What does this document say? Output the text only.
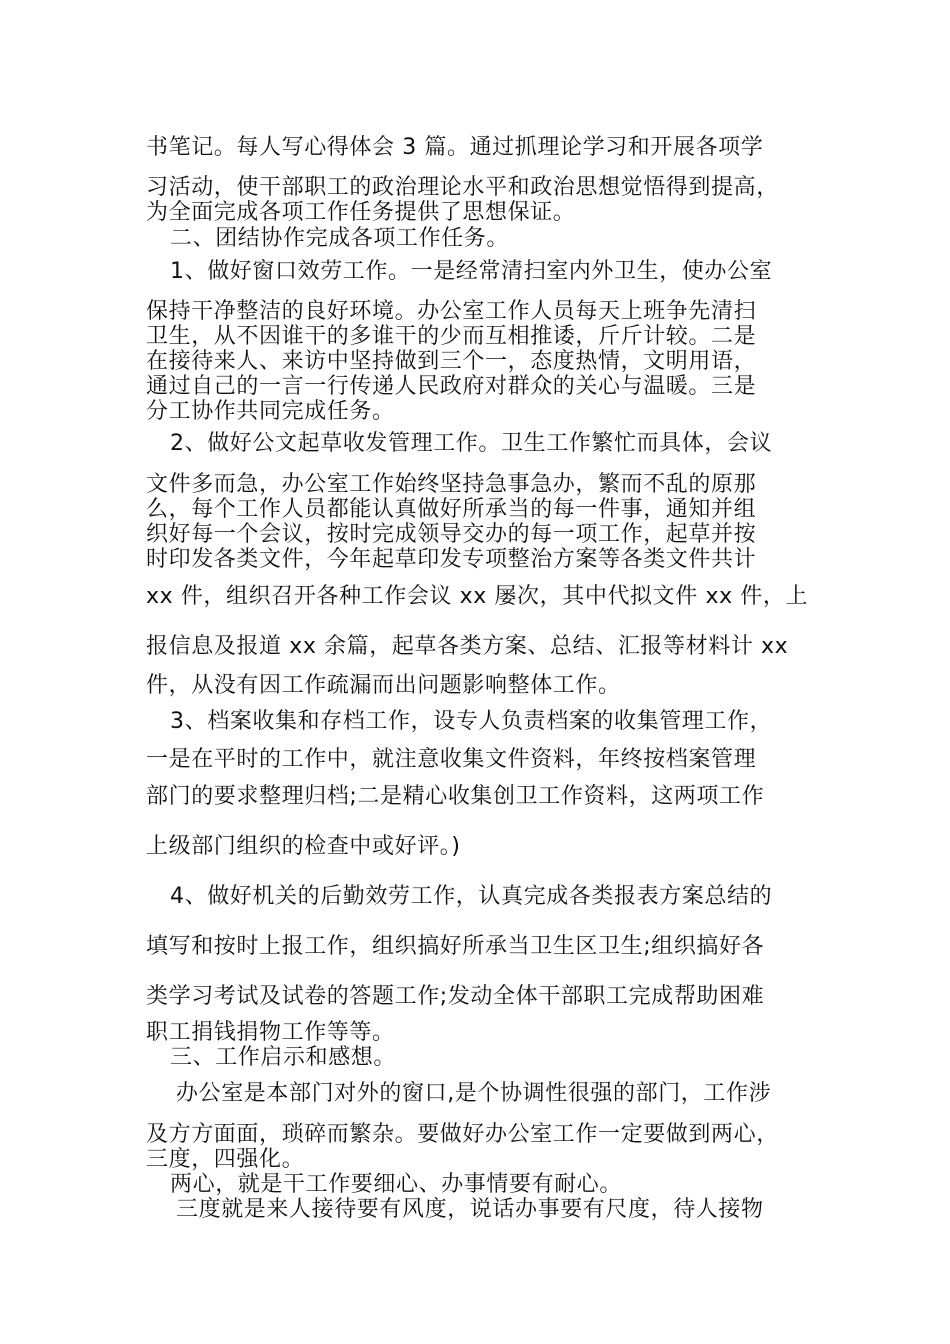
书笔记。每人写心得体会 3 篇。通过抓理论学习和开展各项学

习活动，使干部职工的政治理论水平和政治思想觉悟得到提高，

为全面完成各项工作任务提供了思想保证。

二、团结协作完成各项工作任务。

1、做好窗口效劳工作。一是经常清扫室内外卫生，使办公室

保持干净整洁的良好环境。办公室工作人员每天上班争先清扫

卫生，从不因谁干的多谁干的少而互相推诿，斤斤计较。二是

在接待来人、来访中坚持做到三个一，态度热情，文明用语，

通过自己的一言一行传递人民政府对群众的关心与温暖。三是

分工协作共同完成任务。

2、做好公文起草收发管理工作。卫生工作繁忙而具体，会议

文件多而急，办公室工作始终坚持急事急办，繁而不乱的原那

么，每个工作人员都能认真做好所承当的每一件事，通知并组

织好每一个会议，按时完成领导交办的每一项工作，起草并按

时印发各类文件，今年起草印发专项整治方案等各类文件共计

xx 件，组织召开各种工作会议 xx 屡次，其中代拟文件 xx 件，上

报信息及报道 xx 余篇，起草各类方案、总结、汇报等材料计 xx

件，从没有因工作疏漏而出问题影响整体工作。

3、档案收集和存档工作，设专人负责档案的收集管理工作，

一是在平时的工作中，就注意收集文件资料，年终按档案管理

部门的要求整理归档;二是精心收集创卫工作资料，这两项工作

上级部门组织的检查中或好评。)

4、做好机关的后勤效劳工作，认真完成各类报表方案总结的

填写和按时上报工作，组织搞好所承当卫生区卫生;组织搞好各

类学习考试及试卷的答题工作;发动全体干部职工完成帮助困难

职工捐钱捐物工作等等。

三、工作启示和感想。

办公室是本部门对外的窗口,是个协调性很强的部门，工作涉

及方方面面，琐碎而繁杂。要做好办公室工作一定要做到两心，

三度，四强化。

两心，就是干工作要细心、办事情要有耐心。

三度就是来人接待要有风度，说话办事要有尺度，待人接物
